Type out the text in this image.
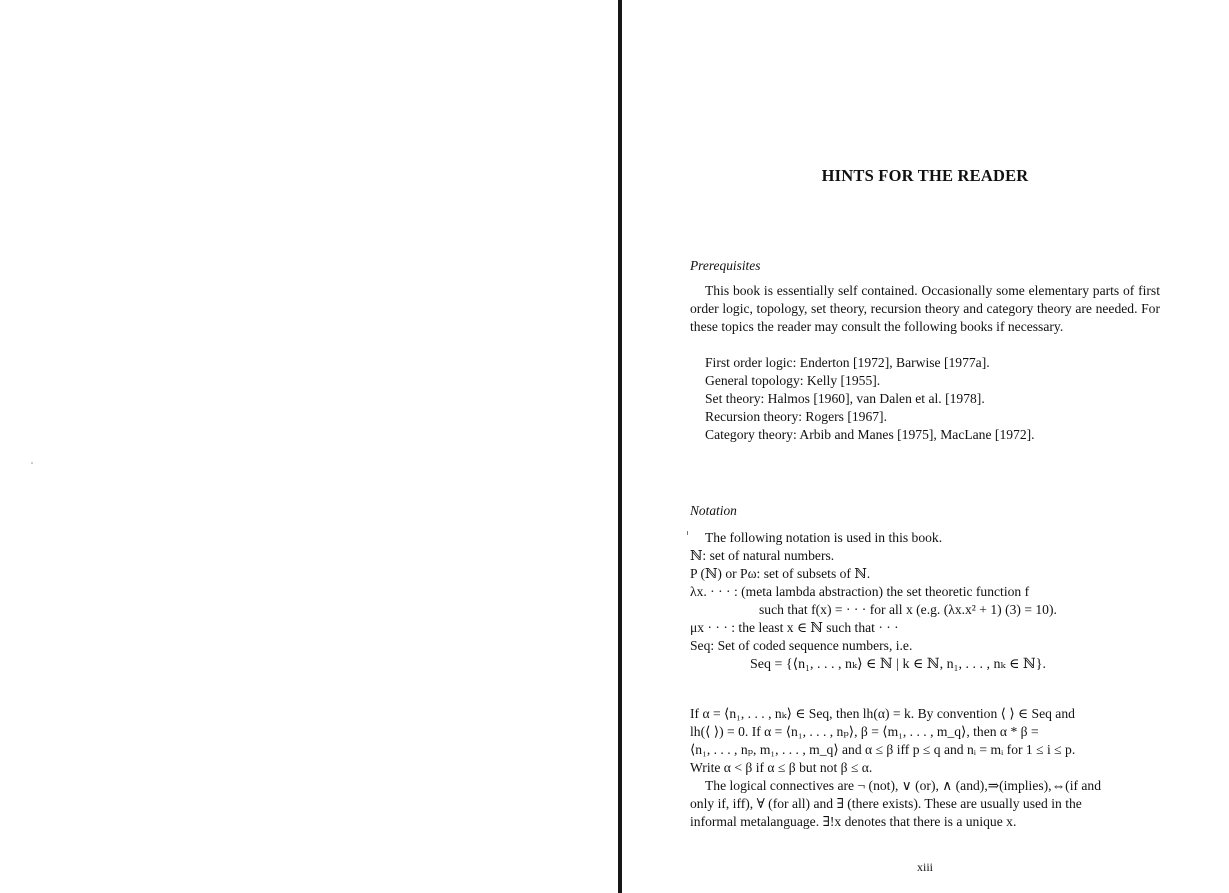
HINTS FOR THE READER

Prerequisites

This book is essentially self contained. Occasionally some elementary parts of first order logic, topology, set theory, recursion theory and category theory are needed. For these topics the reader may consult the following books if necessary.

First order logic: Enderton [1972], Barwise [1977a].
General topology: Kelly [1955].
Set theory: Halmos [1960], van Dalen et al. [1978].
Recursion theory: Rogers [1967].
Category theory: Arbib and Manes [1975], MacLane [1972].

Notation

The following notation is used in this book.
ℕ: set of natural numbers.
P (ℕ) or Pω: set of subsets of ℕ.
λx. · · · : (meta lambda abstraction) the set theoretic function f
such that f(x) = · · · for all x (e.g. (λx.x² + 1) (3) = 10).
μx · · · : the least x ∈ ℕ such that · · ·
Seq: Set of coded sequence numbers, i.e.

Seq = {⟨n₁, . . . , nₖ⟩ ∈ ℕ | k ∈ ℕ, n₁, . . . , nₖ ∈ ℕ}.

If α = ⟨n₁, . . . , nₖ⟩ ∈ Seq, then lh(α) = k. By convention ⟨ ⟩ ∈ Seq and
lh(⟨ ⟩) = 0. If α = ⟨n₁, . . . , nₚ⟩, β = ⟨m₁, . . . , m_q⟩, then α * β =
⟨n₁, . . . , nₚ, m₁, . . . , m_q⟩ and α ≤ β iff p ≤ q and nᵢ = mᵢ for 1 ≤ i ≤ p.
Write α < β if α ≤ β but not β ≤ α.
The logical connectives are ¬ (not), ∨ (or), ∧ (and),⇒(implies),⇔(if and
only if, iff), ∀ (for all) and ∃ (there exists). These are usually used in the
informal metalanguage. ∃!x denotes that there is a unique x.

xiii
